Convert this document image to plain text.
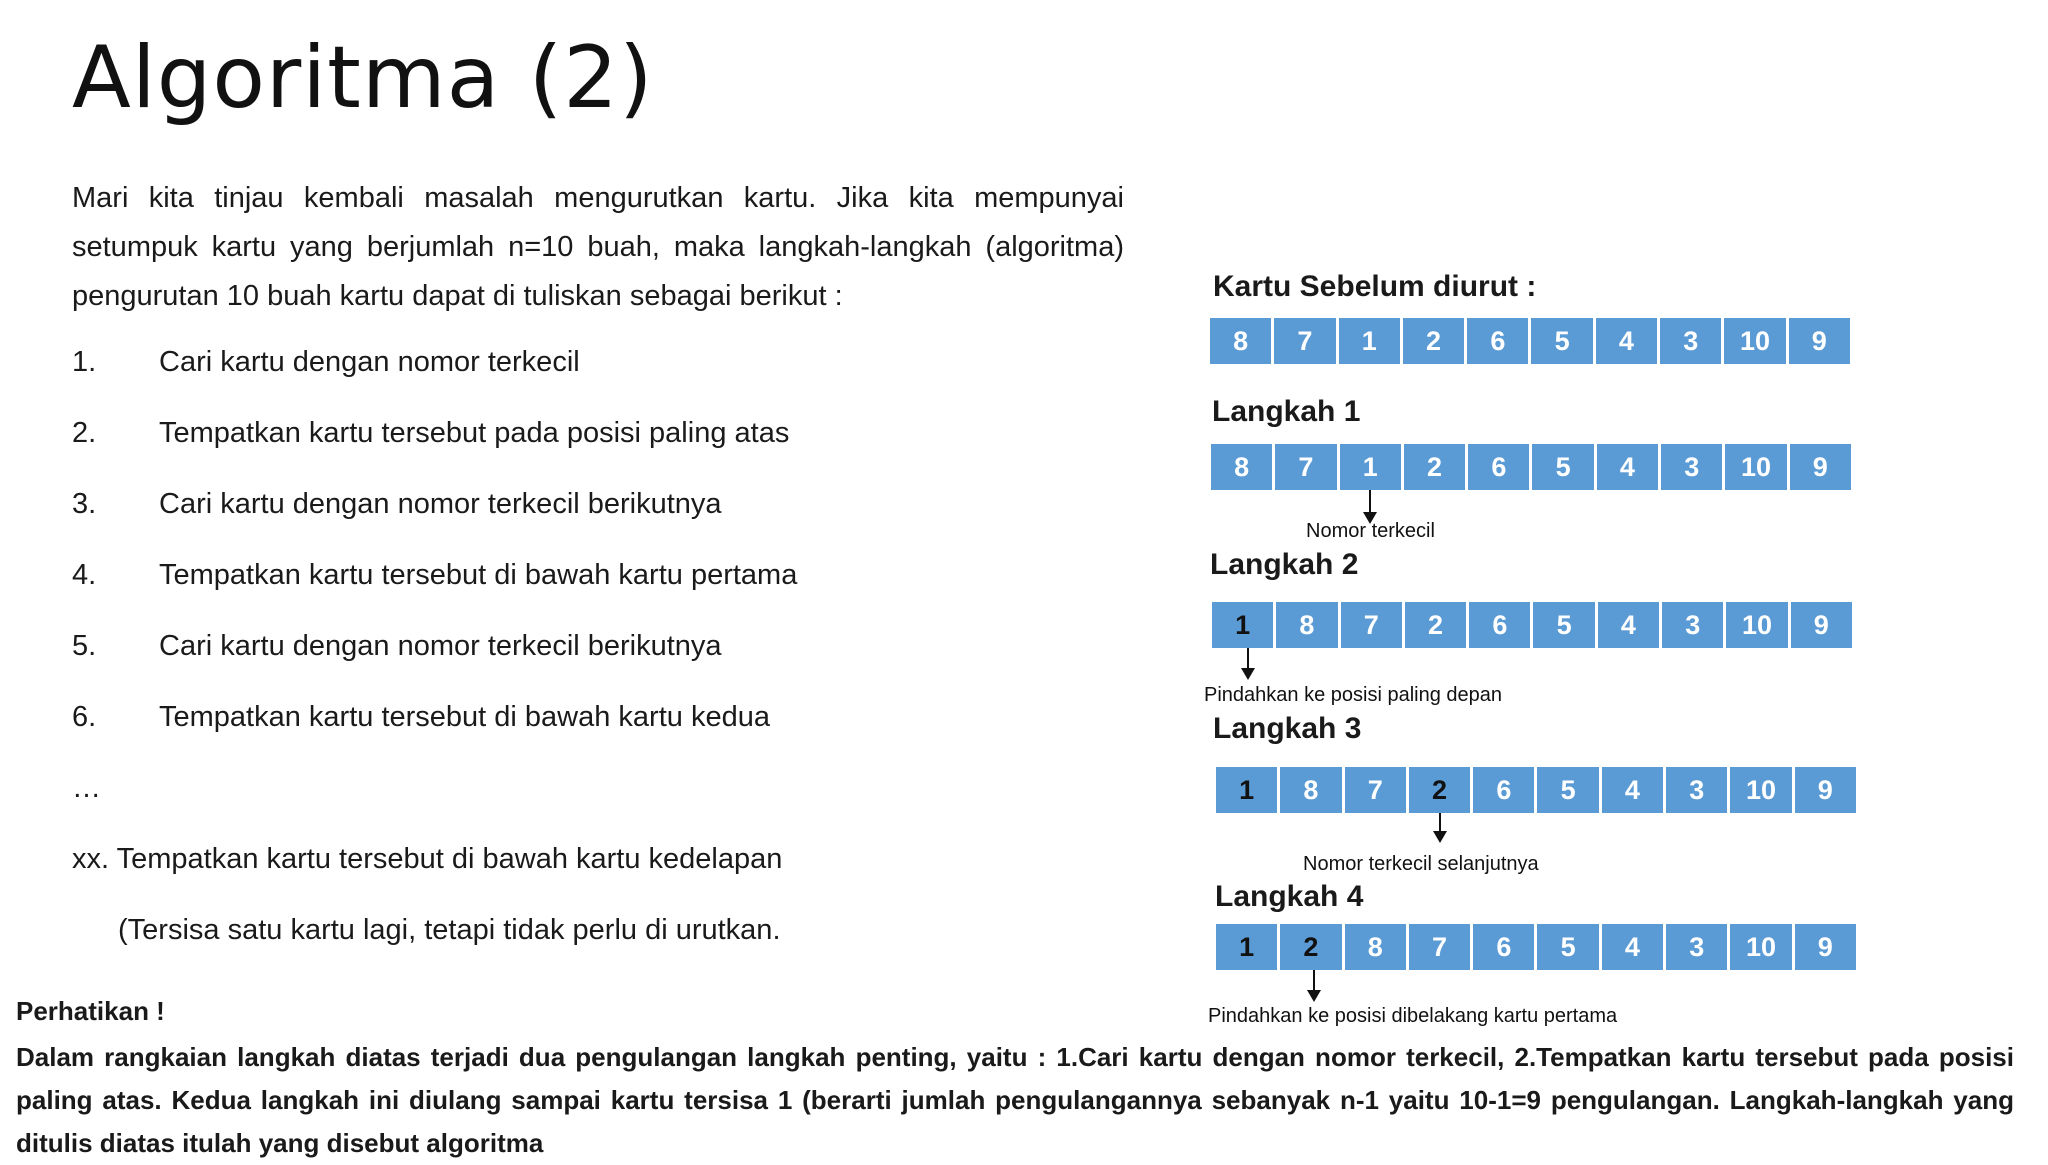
Algoritma (2)

Mari kita tinjau kembali masalah mengurutkan kartu. Jika kita mempunyai setumpuk kartu yang berjumlah n=10 buah, maka langkah-langkah (algoritma) pengurutan 10 buah kartu dapat di tuliskan sebagai berikut :

1. Cari kartu dengan nomor terkecil
2. Tempatkan kartu tersebut pada posisi paling atas
3. Cari kartu dengan nomor terkecil berikutnya
4. Tempatkan kartu tersebut di bawah kartu pertama
5. Cari kartu dengan nomor terkecil berikutnya
6. Tempatkan kartu tersebut di bawah kartu kedua
…
xx. Tempatkan kartu tersebut di bawah kartu kedelapan
(Tersisa satu kartu lagi, tetapi tidak perlu di urutkan.
Kartu Sebelum diurut :
8	7	1	2	6	5	4	3	10	9
Langkah 1
8	7	1	2	6	5	4	3	10	9
Nomor terkecil
Langkah 2
1	8	7	2	6	5	4	3	10	9
Pindahkan ke posisi paling depan
Langkah 3
1	8	7	2	6	5	4	3	10	9
Nomor terkecil selanjutnya
Langkah 4
1	2	8	7	6	5	4	3	10	9
Pindahkan ke posisi dibelakang kartu pertama
Perhatikan !

Dalam rangkaian langkah diatas terjadi dua pengulangan langkah penting, yaitu : 1.Cari kartu dengan nomor terkecil, 2.Tempatkan kartu tersebut pada posisi paling atas. Kedua langkah ini diulang sampai kartu tersisa 1 (berarti jumlah pengulangannya sebanyak n-1 yaitu 10-1=9 pengulangan. Langkah-langkah yang ditulis diatas itulah yang disebut algoritma
